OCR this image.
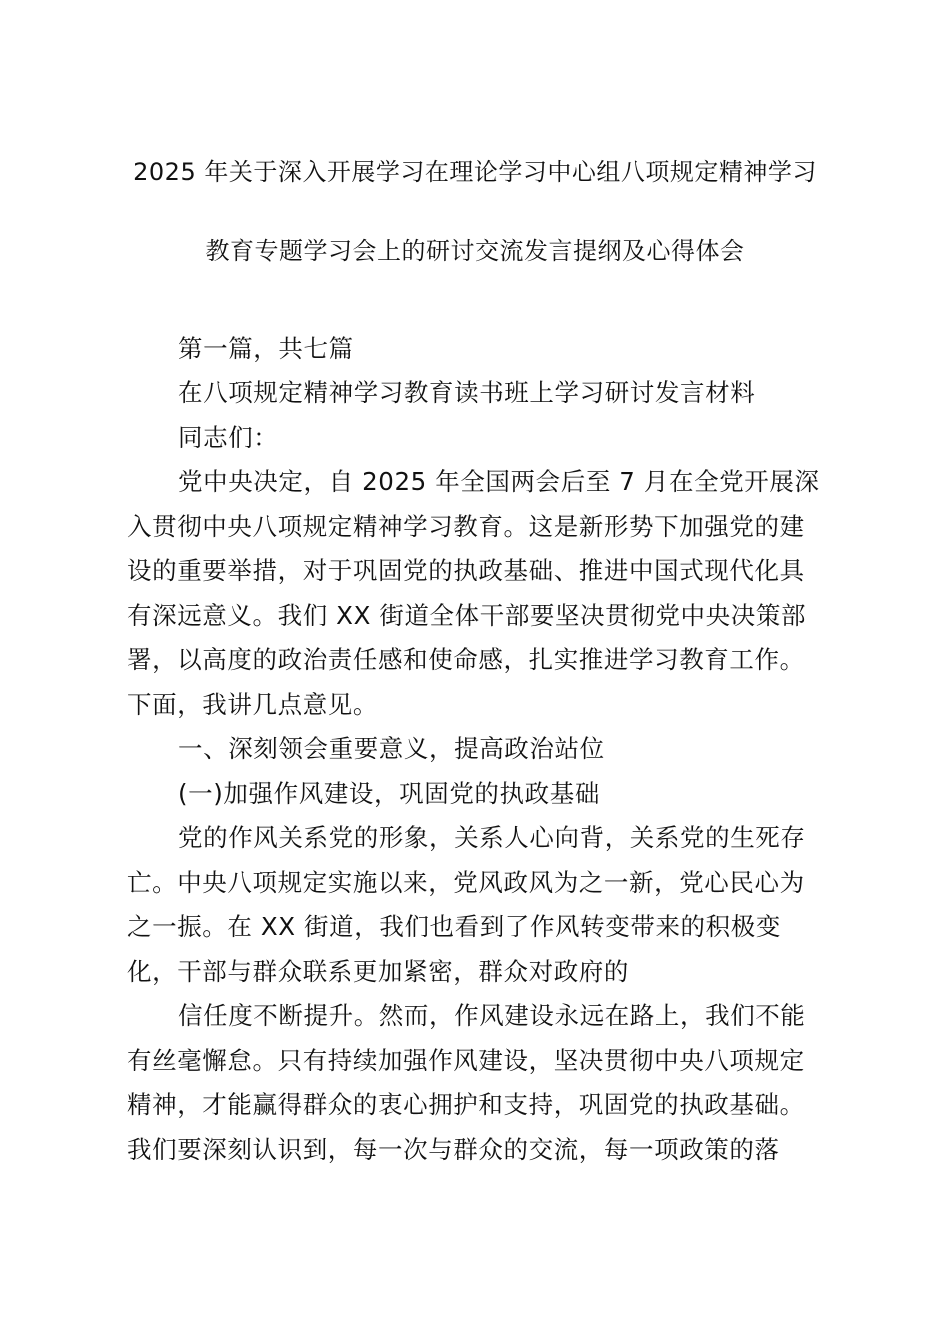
2025 年关于深入开展学习在理论学习中心组八项规定精神学习
教育专题学习会上的研讨交流发言提纲及心得体会
第一篇，共七篇
在八项规定精神学习教育读书班上学习研讨发言材料
同志们：
党中央决定，自 2025 年全国两会后至 7 月在全党开展深
入贯彻中央八项规定精神学习教育。这是新形势下加强党的建
设的重要举措，对于巩固党的执政基础、推进中国式现代化具
有深远意义。我们 XX 街道全体干部要坚决贯彻党中央决策部
署，以高度的政治责任感和使命感，扎实推进学习教育工作。
下面，我讲几点意见。
一、深刻领会重要意义，提高政治站位
(一)加强作风建设，巩固党的执政基础
党的作风关系党的形象，关系人心向背，关系党的生死存
亡。中央八项规定实施以来，党风政风为之一新，党心民心为
之一振。在 XX 街道，我们也看到了作风转变带来的积极变
化，干部与群众联系更加紧密，群众对政府的
信任度不断提升。然而，作风建设永远在路上，我们不能
有丝毫懈怠。只有持续加强作风建设，坚决贯彻中央八项规定
精神，才能赢得群众的衷心拥护和支持，巩固党的执政基础。
我们要深刻认识到，每一次与群众的交流，每一项政策的落
